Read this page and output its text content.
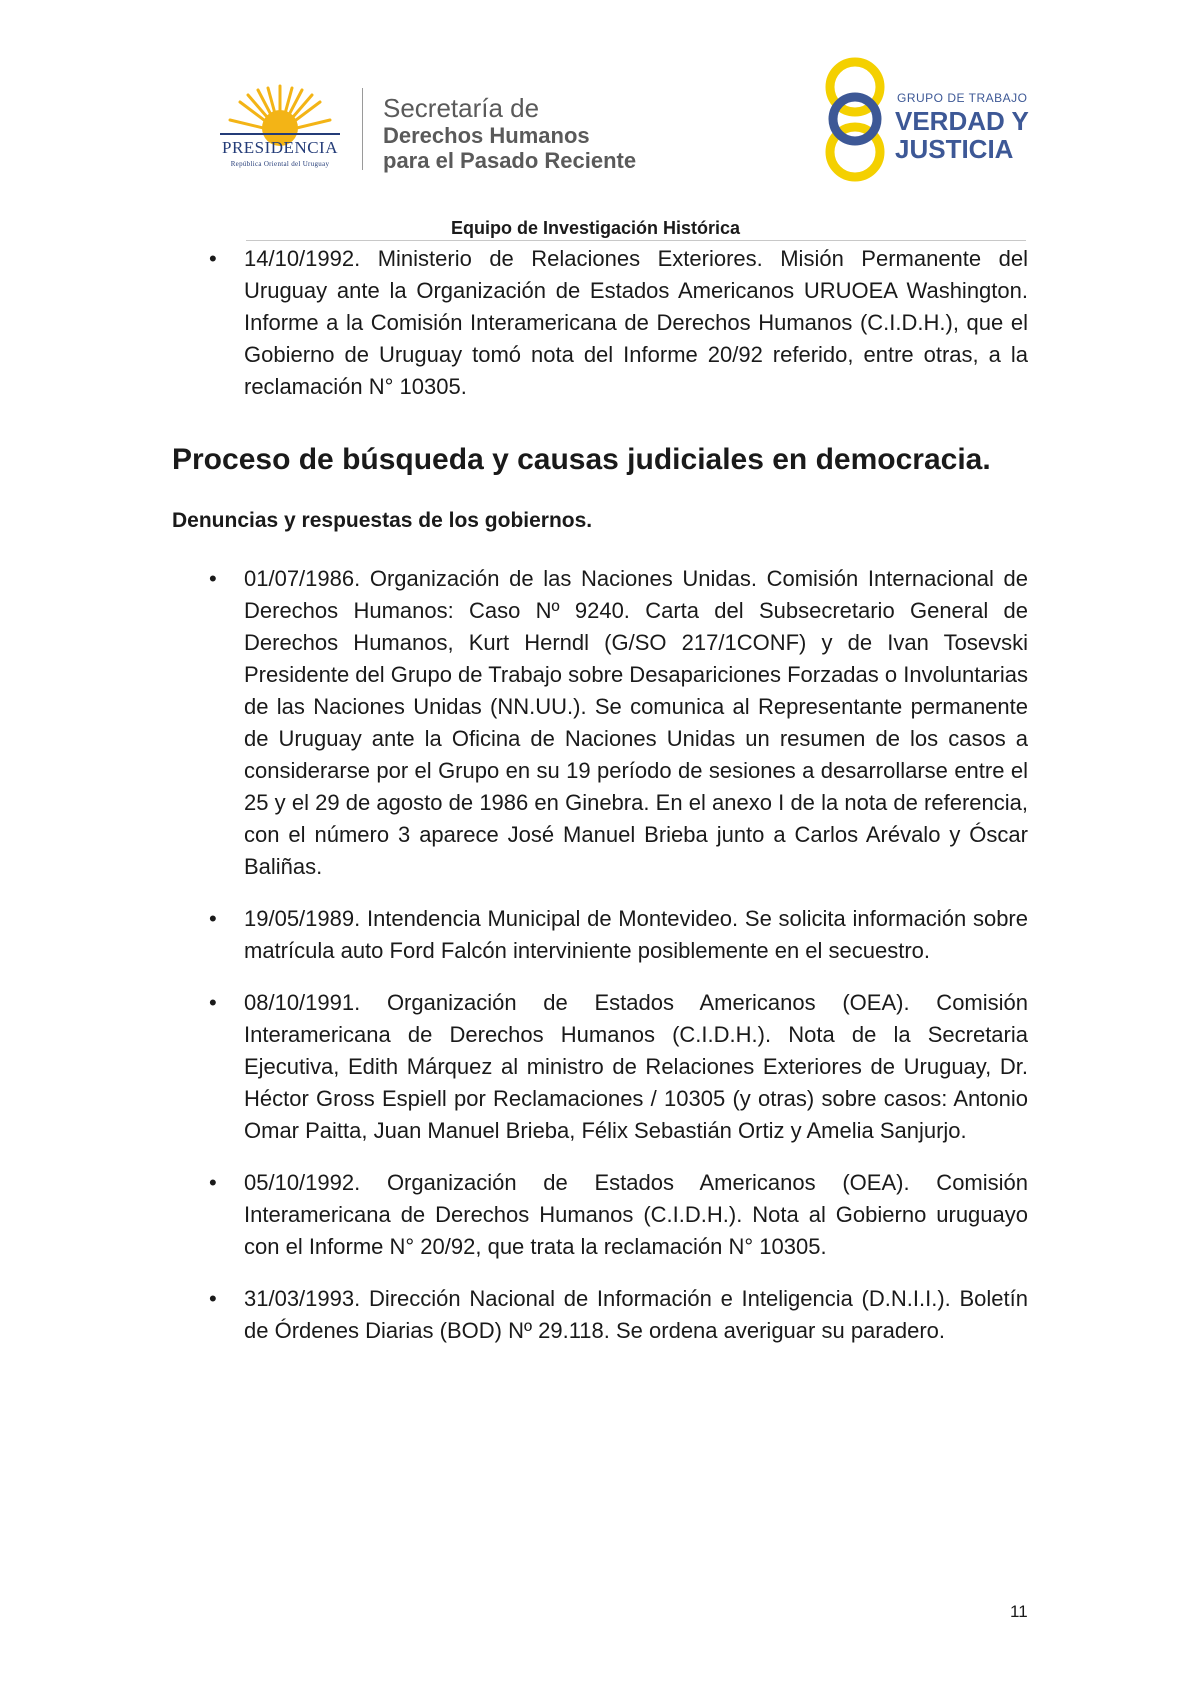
PRESIDENCIA
República Oriental del Uruguay
Secretaría de
Derechos Humanos
para el Pasado Reciente
GRUPO DE TRABAJO
VERDAD Y
JUSTICIA
Equipo de Investigación Histórica
• 14/10/1992. Ministerio de Relaciones Exteriores. Misión Permanente del Uruguay ante la Organización de Estados Americanos URUOEA Washington. Informe a la Comisión Interamericana de Derechos Humanos (C.I.D.H.), que el Gobierno de Uruguay tomó nota del Informe 20/92 referido, entre otras, a la reclamación N° 10305.
Proceso de búsqueda y causas judiciales en democracia.
Denuncias y respuestas de los gobiernos.
• 01/07/1986. Organización de las Naciones Unidas. Comisión Internacional de Derechos Humanos: Caso Nº 9240. Carta del Subsecretario General de Derechos Humanos, Kurt Herndl (G/SO 217/1CONF) y de Ivan Tosevski Presidente del Grupo de Trabajo sobre Desapariciones Forzadas o Involuntarias de las Naciones Unidas (NN.UU.). Se comunica al Representante permanente de Uruguay ante la Oficina de Naciones Unidas un resumen de los casos a considerarse por el Grupo en su 19 período de sesiones a desarrollarse entre el 25 y el 29 de agosto de 1986 en Ginebra. En el anexo I de la nota de referencia, con el número 3 aparece José Manuel Brieba junto a Carlos Arévalo y Óscar Baliñas.
• 19/05/1989. Intendencia Municipal de Montevideo. Se solicita información sobre matrícula auto Ford Falcón interviniente posiblemente en el secuestro.
• 08/10/1991. Organización de Estados Americanos (OEA). Comisión Interamericana de Derechos Humanos (C.I.D.H.). Nota de la Secretaria Ejecutiva, Edith Márquez al ministro de Relaciones Exteriores de Uruguay, Dr. Héctor Gross Espiell por Reclamaciones / 10305 (y otras) sobre casos: Antonio Omar Paitta, Juan Manuel Brieba, Félix Sebastián Ortiz y Amelia Sanjurjo.
• 05/10/1992. Organización de Estados Americanos (OEA). Comisión Interamericana de Derechos Humanos (C.I.D.H.). Nota al Gobierno uruguayo con el Informe N° 20/92, que trata la reclamación N° 10305.
• 31/03/1993. Dirección Nacional de Información e Inteligencia (D.N.I.I.). Boletín de Órdenes Diarias (BOD) Nº 29.118. Se ordena averiguar su paradero.
11
